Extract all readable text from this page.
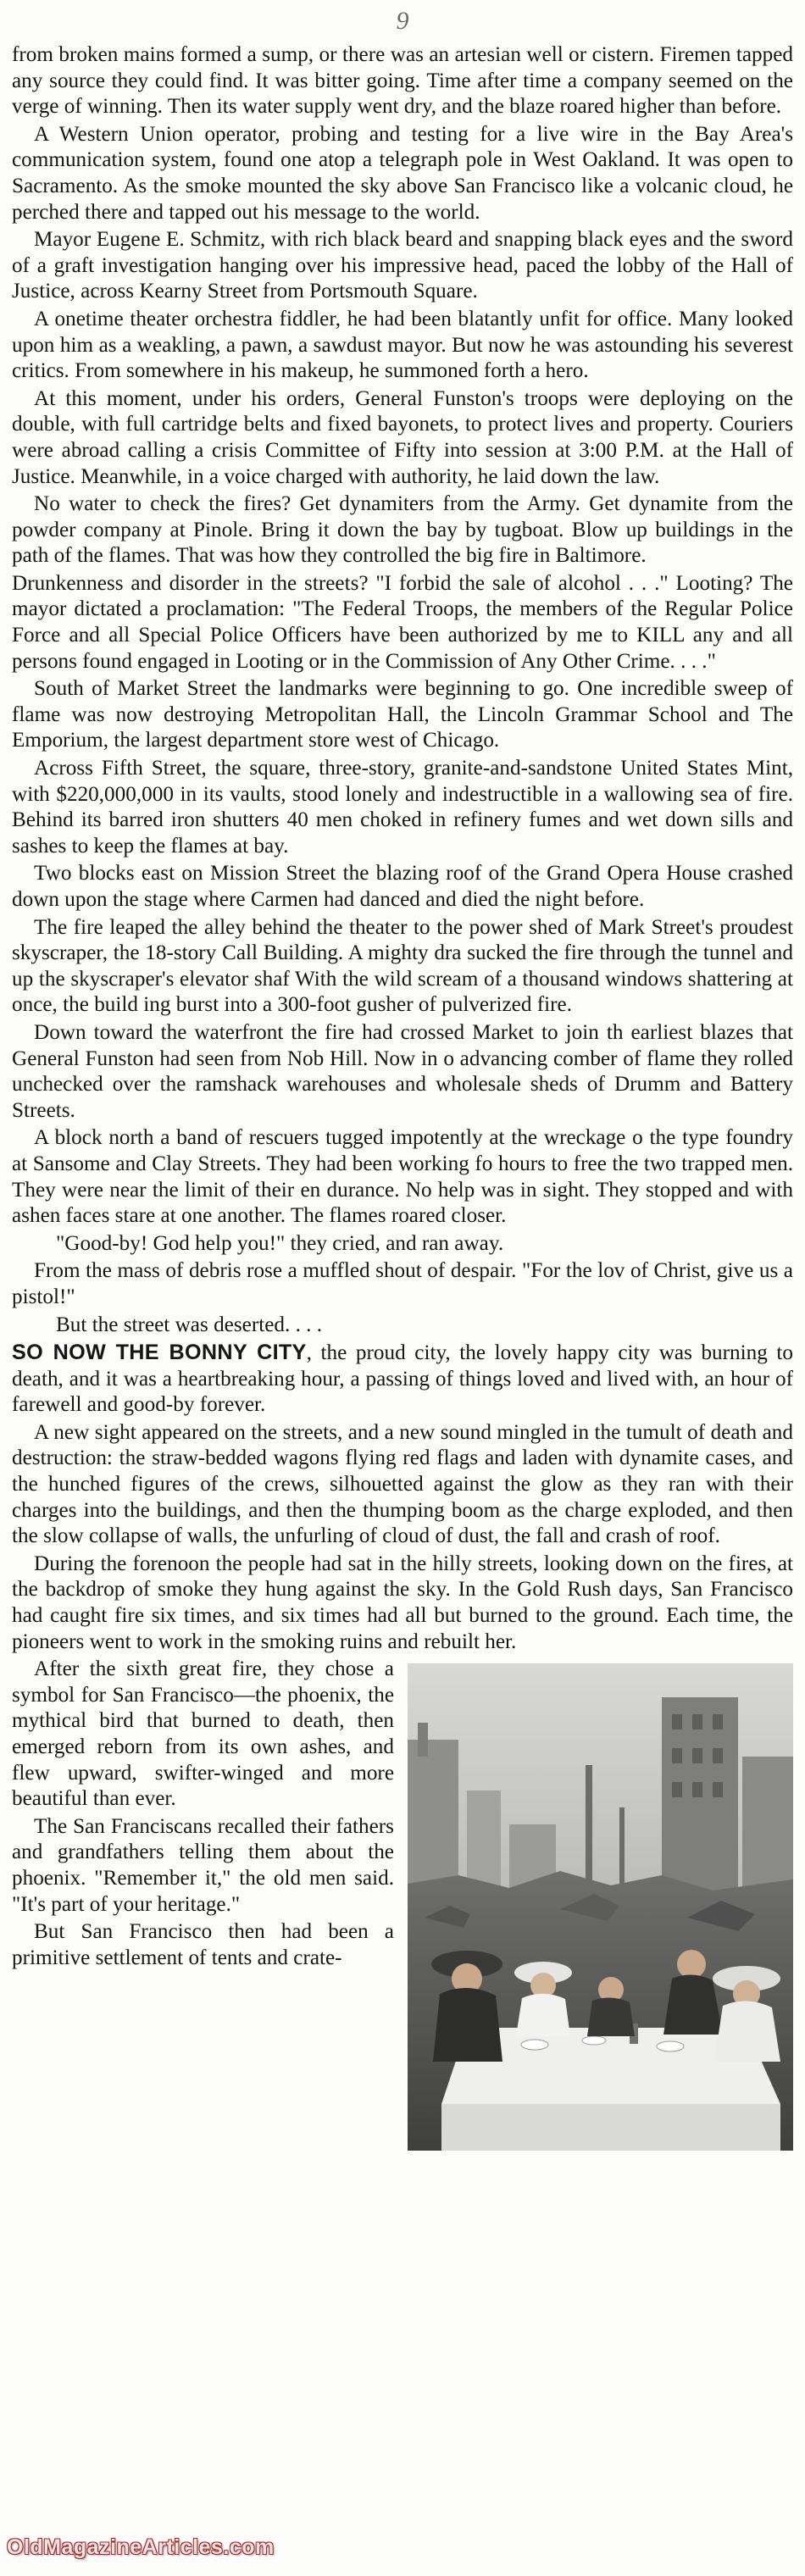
9

from broken mains formed a sump, or there was an artesian well or cistern. Firemen tapped any source they could find. It was bitter going. Time after time a company seemed on the verge of winning. Then its water supply went dry, and the blaze roared higher than before.

A Western Union operator, probing and testing for a live wire in the Bay Area's communication system, found one atop a telegraph pole in West Oakland. It was open to Sacramento. As the smoke mounted the sky above San Francisco like a volcanic cloud, he perched there and tapped out his message to the world.

Mayor Eugene E. Schmitz, with rich black beard and snapping black eyes and the sword of a graft investigation hanging over his impressive head, paced the lobby of the Hall of Justice, across Kearny Street from Portsmouth Square.

A onetime theater orchestra fiddler, he had been blatantly unfit for office. Many looked upon him as a weakling, a pawn, a sawdust mayor. But now he was astounding his severest critics. From somewhere in his makeup, he summoned forth a hero.

At this moment, under his orders, General Funston's troops were deploying on the double, with full cartridge belts and fixed bayonets, to protect lives and property. Couriers were abroad calling a crisis Committee of Fifty into session at 3:00 P.M. at the Hall of Justice. Meanwhile, in a voice charged with authority, he laid down the law.

No water to check the fires? Get dynamiters from the Army. Get dynamite from the powder company at Pinole. Bring it down the bay by tugboat. Blow up buildings in the path of the flames. That was how they controlled the big fire in Baltimore.

Drunkenness and disorder in the streets? "I forbid the sale of alcohol . . ." Looting? The mayor dictated a proclamation: "The Federal Troops, the members of the Regular Police Force and all Special Police Officers have been authorized by me to KILL any and all persons found engaged in Looting or in the Commission of Any Other Crime. . . ."

South of Market Street the landmarks were beginning to go. One incredible sweep of flame was now destroying Metropolitan Hall, the Lincoln Grammar School and The Emporium, the largest department store west of Chicago.

Across Fifth Street, the square, three-story, granite-and-sandstone United States Mint, with $220,000,000 in its vaults, stood lonely and indestructible in a wallowing sea of fire. Behind its barred iron shutters 40 men choked in refinery fumes and wet down sills and sashes to keep the flames at bay.

Two blocks east on Mission Street the blazing roof of the Grand Opera House crashed down upon the stage where Carmen had danced and died the night before.

The fire leaped the alley behind the theater to the power shed of Mark Street's proudest skyscraper, the 18-story Call Building. A mighty dra sucked the fire through the tunnel and up the skyscraper's elevator shaf With the wild scream of a thousand windows shattering at once, the build ing burst into a 300-foot gusher of pulverized fire.

Down toward the waterfront the fire had crossed Market to join th earliest blazes that General Funston had seen from Nob Hill. Now in o advancing comber of flame they rolled unchecked over the ramshack warehouses and wholesale sheds of Drumm and Battery Streets.

A block north a band of rescuers tugged impotently at the wreckage o the type foundry at Sansome and Clay Streets. They had been working fo hours to free the two trapped men. They were near the limit of their en durance. No help was in sight. They stopped and with ashen faces stare at one another. The flames roared closer.

"Good-by! God help you!" they cried, and ran away.

From the mass of debris rose a muffled shout of despair. "For the lov of Christ, give us a pistol!"

But the street was deserted. . . .

SO NOW THE BONNY CITY, the proud city, the lovely happy city was burning to death, and it was a heartbreaking hour, a passing of things loved and lived with, an hour of farewell and good-by forever.

A new sight appeared on the streets, and a new sound mingled in the tumult of death and destruction: the straw-bedded wagons flying red flags and laden with dynamite cases, and the hunched figures of the crews, silhouetted against the glow as they ran with their charges into the buildings, and then the thumping boom as the charge exploded, and then the slow collapse of walls, the unfurling of cloud of dust, the fall and crash of roof.

During the forenoon the people had sat in the hilly streets, looking down on the fires, at the backdrop of smoke they hung against the sky. In the Gold Rush days, San Francisco had caught fire six times, and six times had all but burned to the ground. Each time, the pioneers went to work in the smoking ruins and rebuilt her.

After the sixth great fire, they chose a symbol for San Francisco—the phoenix, the mythical bird that burned to death, then emerged reborn from its own ashes, and flew upward, swifter-winged and more beautiful than ever.

The San Franciscans recalled their fathers and grandfathers telling them about the phoenix. "Remember it," the old men said. "It's part of your heritage."

But San Francisco then had been a primitive settlement of tents and crate-

OldMagazineArticles.com
